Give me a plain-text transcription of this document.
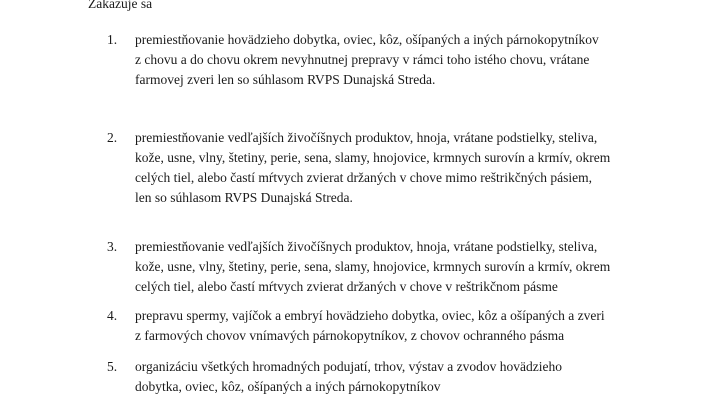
Zakazuje sa
1.	premiestňovanie hovädzieho dobytka, oviec, kôz, ošípaných a iných párnokopytníkov
z chovu a do chovu okrem nevyhnutnej prepravy v rámci toho istého chovu, vrátane
farmovej zveri len so súhlasom RVPS Dunajská Streda.
2.	premiestňovanie vedľajších živočíšnych produktov, hnoja, vrátane podstielky, steliva,
kože, usne, vlny, štetiny, perie, sena, slamy, hnojovice, krmnych surovín a krmív, okrem
celých tiel, alebo častí mŕtvych zvierat držaných v chove mimo reštrikčných pásiem,
len so súhlasom RVPS Dunajská Streda.
3.	premiestňovanie vedľajších živočíšnych produktov, hnoja, vrátane podstielky, steliva,
kože, usne, vlny, štetiny, perie, sena, slamy, hnojovice, krmnych surovín a krmív, okrem
celých tiel, alebo častí mŕtvych zvierat držaných v chove v reštrikčnom pásme
4.	prepravu spermy, vajíčok a embryí hovädzieho dobytka, oviec, kôz a ošípaných a zveri
z farmových chovov vnímavých párnokopytníkov, z chovov ochranného pásma
5.	organizáciu všetkých hromadných podujatí, trhov, výstav a zvodov hovädzieho
dobytka, oviec, kôz, ošípaných a iných párnokopytníkov
